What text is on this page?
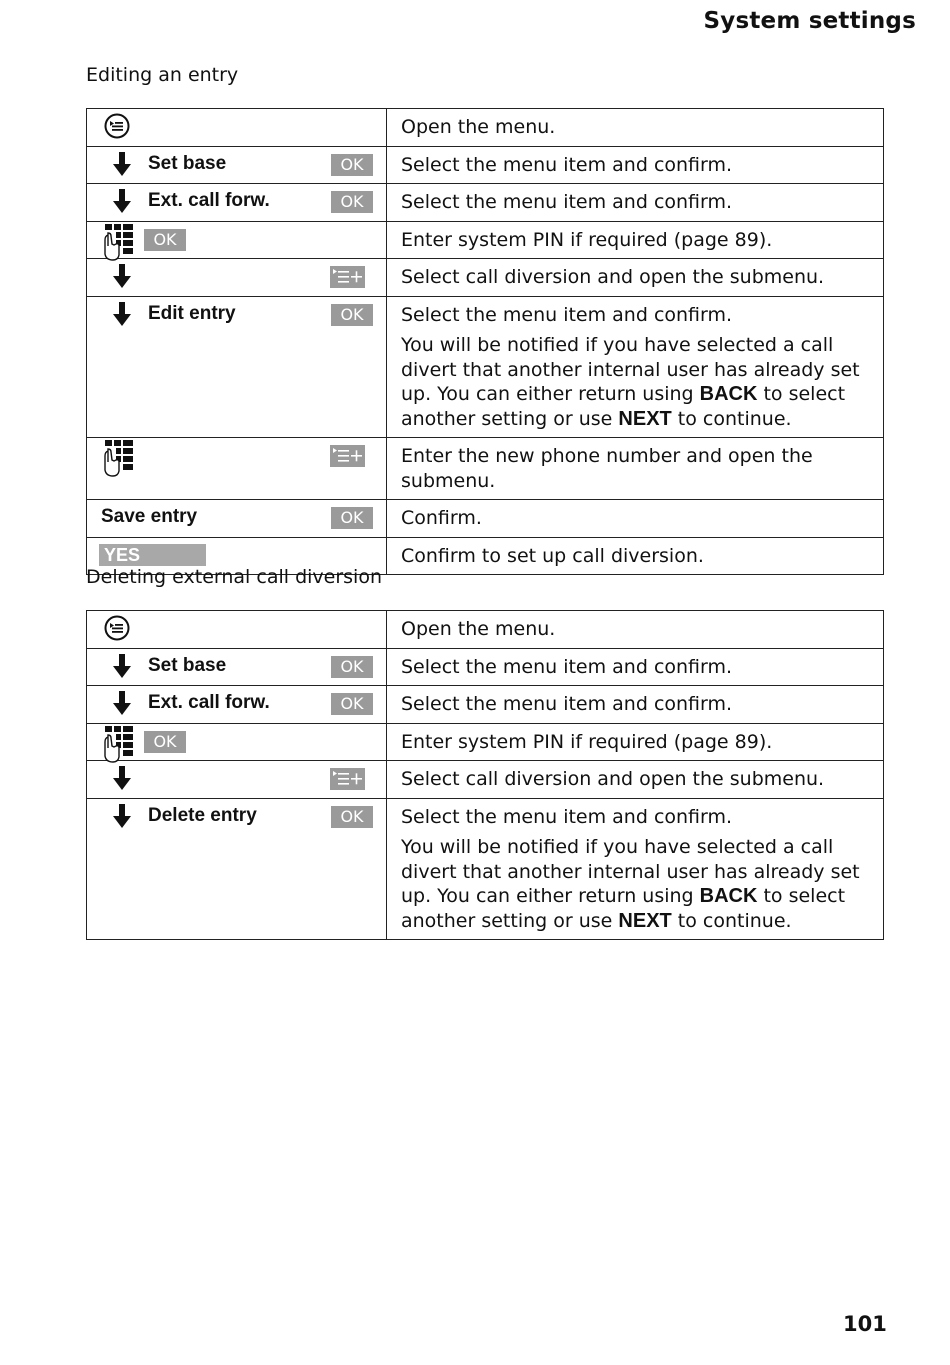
System settings
Editing an entry
	Open the menu.

Set base OK	Select the menu item and confirm.

Ext. call forw. OK	Select the menu item and confirm.

OK	Enter system PIN if required (page 89).

	Select call diversion and open the submenu.

Edit entry OK	Select the menu item and confirm.
You will be notified if you have selected a call divert that another internal user has already set up. You can either return using BACK to select another setting or use NEXT to continue.

	Enter the new phone number and open the submenu.

Save entry OK	Confirm.

YES	Confirm to set up call diversion.
Deleting external call diversion
	Open the menu.

Set base OK	Select the menu item and confirm.

Ext. call forw. OK	Select the menu item and confirm.

OK	Enter system PIN if required (page 89).

	Select call diversion and open the submenu.

Delete entry OK	Select the menu item and confirm.
You will be notified if you have selected a call divert that another internal user has already set up. You can either return using BACK to select another setting or use NEXT to continue.
101
